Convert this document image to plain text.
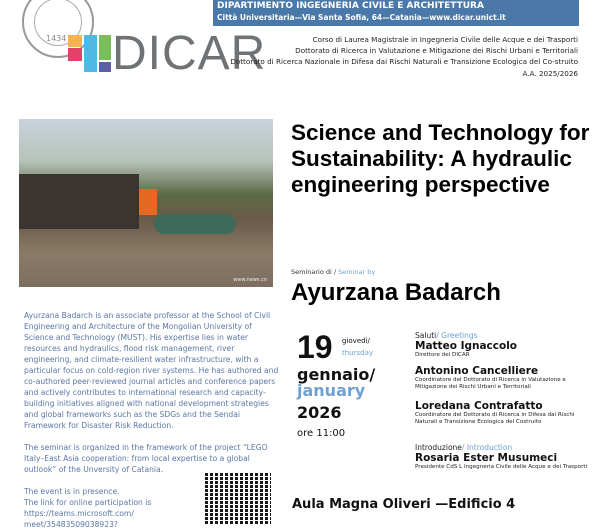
1434 DICAR
DIPARTIMENTO INGEGNERIA CIVILE E ARCHITETTURA
Città Universitaria—Via Santa Sofia, 64—Catania—www.dicar.unict.it
Corso di Laurea Magistrale in Ingegneria Civile delle Acque e dei Trasporti
Dottorato di Ricerca in Valutazione e Mitigazione dei Rischi Urbani e Territoriali
Dottorato di Ricerca Nazionale in Difesa dai Rischi Naturali e Transizione Ecologica del Co-struito
A.A. 2025/2026
www.news.cn
Science and Technology for Sustainability: A hydraulic engineering perspective
Seminario di / Seminar by
Ayurzana Badarch

Ayurzana Badarch is an associate professor at the School of Civil Engineering and Architecture of the Mongolian University of Science and Technology (MUST). His expertise lies in water resources and hydraulics, flood risk management, river engineering, and climate-resilient water infrastructure, with a particular focus on cold-region river systems. He has authored and co-authored peer-reviewed journal articles and conference papers and actively contributes to international research and capacity-building initiatives aligned with national development strategies and global frameworks such as the SDGs and the Sendai Framework for Disaster Risk Reduction.

The seminar is organized in the framework of the project “LEGO Italy–East Asia cooperation: from local expertise to a global outlook” of the Unversity of Catania.

The event is in presence.
The link for online participation is
https://teams.microsoft.com/
meet/35483509038923?
19 giovedì/
thursday
gennaio/
january
2026
ore 11:00
Saluti/ Greetings
Matteo Ignaccolo
Direttore del DICAR
Antonino Cancelliere
Coordinatore del Dottorato di Ricerca in Valutazione e Mitigazione dei Rischi Urbani e Territoriali
Loredana Contrafatto
Coordinatore del Dottorato di Ricerca in Difesa dai Rischi Naturali e Transizione Ecologica del Costruito
Introduzione/ Introduction
Rosaria Ester Musumeci
Presidente CdS L Ingegneria Civile delle Acque e dei Trasporti
Aula Magna Oliveri —Edificio 4
